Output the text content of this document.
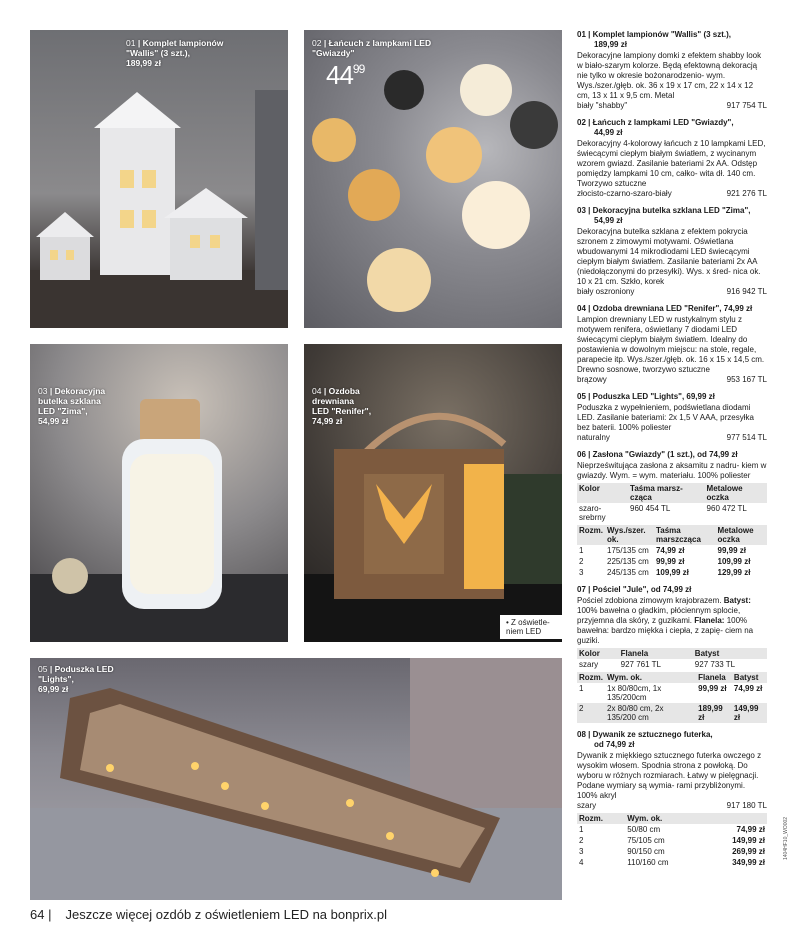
01 | Komplet lampionów "Wallis" (3 szt.),
189,99 zł
02 | Łańcuch z lampkami LED "Gwiazdy"
$44^{99}$
03 | Dekoracyjna butelka szklana LED "Zima",
54,99 zł
04 | Ozdoba drewniana LED "Renifer",
74,99 zł
• Z oświetle- niem LED
05 | Poduszka LED "Lights",
69,99 zł
01 | Komplet lampionów "Wallis" (3 szt.),
189,99 zł
Dekoracyjne lampiony domki z efektem shabby look w biało-szarym kolorze. Będą efektowną dekoracją nie tylko w okresie bożonarodzenio- wym. Wys./szer./głęb. ok. 36 x 19 x 17 cm, 22 x 14 x 12 cm, 13 x 11 x 9,5 cm. Metal
biały "shabby"	917 754 TL
02 | Łańcuch z lampkami LED "Gwiazdy",
44,99 zł
Dekoracyjny 4-kolorowy łańcuch z 10 lampkami LED, świecącymi ciepłym białym światłem, z wycinanym wzorem gwiazd. Zasilanie bateriami 2x AA. Odstęp pomiędzy lampkami 10 cm, całko- wita dł. 140 cm. Tworzywo sztuczne
złocisto-czarno-szaro-biały	921 276 TL
03 | Dekoracyjna butelka szklana LED "Zima",
54,99 zł
Dekoracyjna butelka szklana z efektem pokrycia szronem z zimowymi motywami. Oświetlana wbudowanymi 14 mikrodiodami LED świecącymi ciepłym białym światłem. Zasilanie bateriami 2x AA (niedołączonymi do przesyłki). Wys. x śred- nica ok. 10 x 21 cm. Szkło, korek
biały oszroniony	916 942 TL
04 | Ozdoba drewniana LED "Renifer", 74,99 zł
Lampion drewniany LED w rustykalnym stylu z motywem renifera, oświetlany 7 diodami LED świecącymi ciepłym białym światłem. Idealny do postawienia w dowolnym miejscu: na stole, regale, parapecie itp. Wys./szer./głęb. ok. 16 x 15 x 14,5 cm. Drewno sosnowe, tworzywo sztuczne
brązowy	953 167 TL
05 | Poduszka LED "Lights", 69,99 zł
Poduszka z wypełnieniem, podświetlana diodami LED. Zasilanie bateriami: 2x 1,5 V AAA, przesyłka bez baterii. 100% poliester
naturalny	977 514 TL
06 | Zasłona "Gwiazdy" (1 szt.), od 74,99 zł
Nieprześwitująca zasłona z aksamitu z nadru- kiem w gwiazdy. Wym. = wym. materiału. 100% poliester
Kolor	Taśma marsz- cząca	Metalowe oczka
szaro-srebrny	960 454 TL	960 472 TL
Rozm.	Wys./szer. ok.	Taśma marszcząca	Metalowe oczka
1	175/135 cm	74,99 zł	99,99 zł
2	225/135 cm	99,99 zł	109,99 zł
3	245/135 cm	109,99 zł	129,99 zł
07 | Pościel "Jule", od 74,99 zł
Pościel zdobiona zimowym krajobrazem. Batyst: 100% bawełna o gładkim, płóciennym splocie, przyjemna dla skóry, z guzikami. Flanela: 100% bawełna: bardzo miękka i ciepła, z zapię- ciem na guziki.
Kolor	Flanela	Batyst
szary	927 761 TL	927 733 TL
Rozm.	Wym. ok.	Flanela	Batyst
1	1x 80/80cm, 1x 135/200cm	99,99 zł	74,99 zł
2	2x 80/80 cm, 2x 135/200 cm	189,99 zł	149,99 zł
08 | Dywanik ze sztucznego futerka,
od 74,99 zł
Dywanik z miękkiego sztucznego futerka owczego z wysokim włosem. Spodnia strona z powłoką. Do wyboru w różnych rozmiarach. Łatwy w pielęgnacji. Podane wymiary są wymia- rami przybliżonymi. 100% akryl
szary	917 180 TL
Rozm.	Wym. ok.	
1	50/80 cm	74,99 zł
2	75/105 cm	149,99 zł
3	90/150 cm	269,99 zł
4	110/160 cm	349,99 zł
64 | Jeszcze więcej ozdób z oświetleniem LED na bonprix.pl
1404HF10_WO002
